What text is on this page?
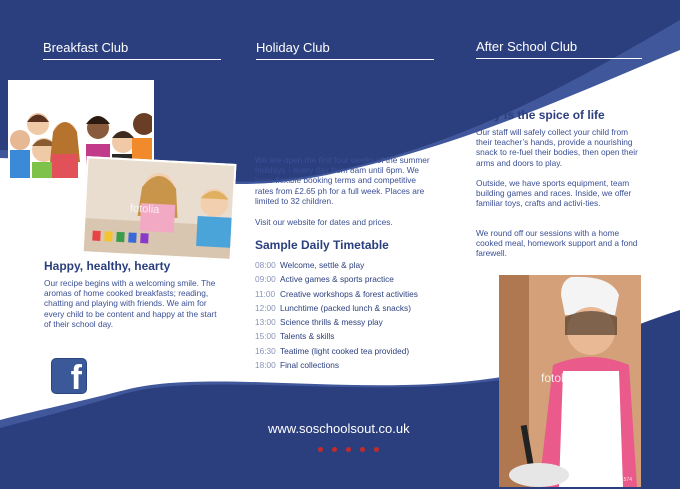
Breakfast Club	Holiday Club	After School Club
fotolia
Happy, healthy, hearty
Our recipe begins with a welcoming smile. The aromas of home cooked breakfasts; reading, chatting and playing with friends. We aim for every child to be content and happy at the start of their school day.
f
Personal and affordable
We are open the first four weeks of the summer holidays - every day from 8am until 6pm. We have flexible booking terms and competitive rates from £2.65 ph for a full week. Places are limited to 32 children.
Visit our website for dates and prices.
Sample Daily Timetable
08:00 Welcome, settle & play
09:00 Active games & sports practice
11:00 Creative workshops & forest activities
12:00 Lunchtime (packed lunch & snacks)
13:00 Science thrills & messy play
15:00 Talents & skills
16:30 Teatime (light cooked tea provided)
18:00 Final collections
Play is the spice of life
Our staff will safely collect your child from their teacher’s hands, provide a nourishing snack to re-fuel their bodies, then open their arms and doors to play.
Outside, we have sports equipment, team building games and races. Inside, we offer familiar toys, crafts and activi-ties.
We round off our sessions with a home cooked meal, homework support and a fond farewell.
fotolia
#74391574
www.soschoolsout.co.uk
